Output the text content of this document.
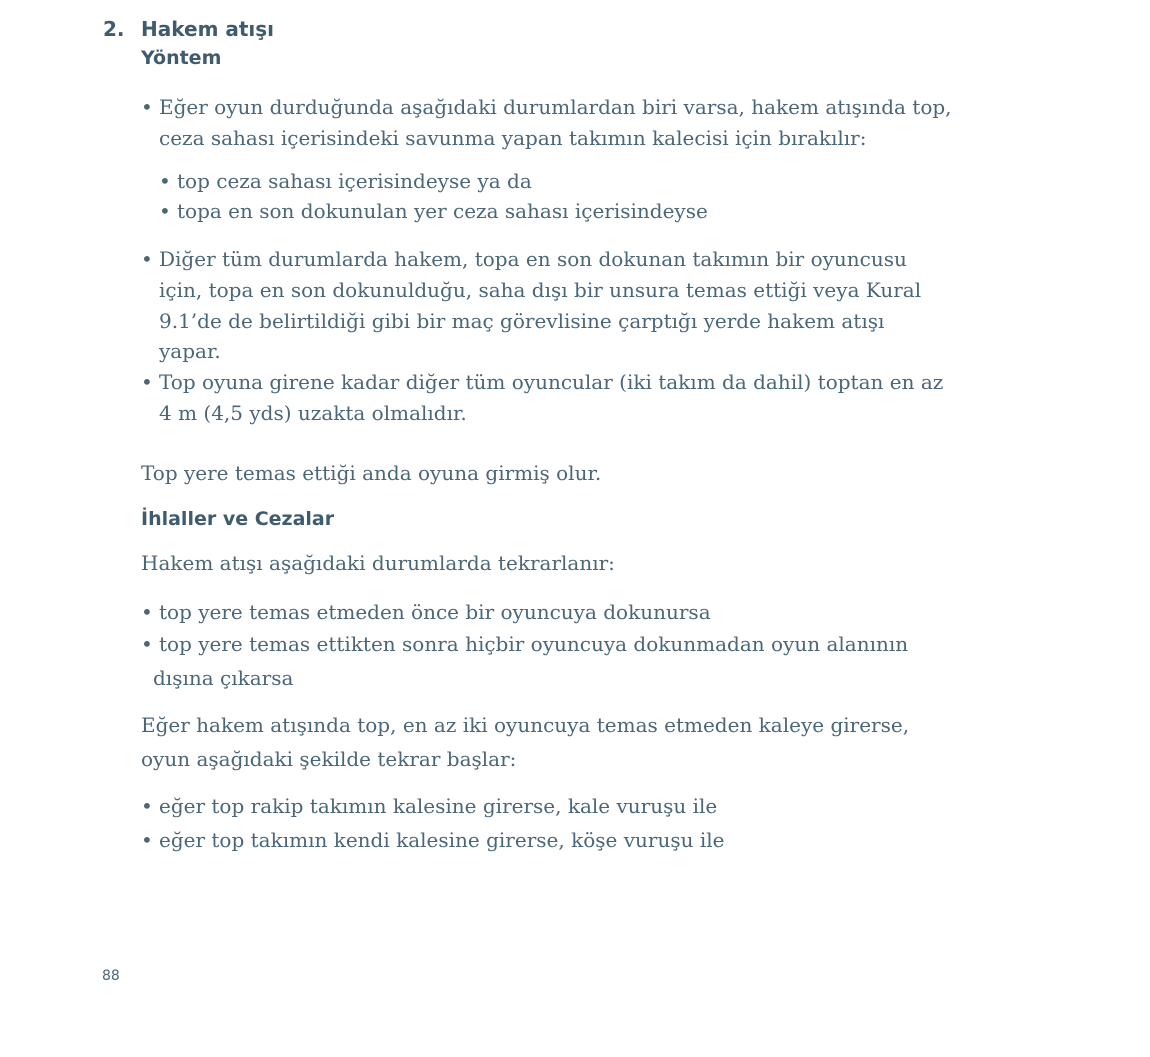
2. Hakem atışı
Yöntem
• Eğer oyun durduğunda aşağıdaki durumlardan biri varsa, hakem atışında top,
ceza sahası içerisindeki savunma yapan takımın kalecisi için bırakılır:
• top ceza sahası içerisindeyse ya da
• topa en son dokunulan yer ceza sahası içerisindeyse
• Diğer tüm durumlarda hakem, topa en son dokunan takımın bir oyuncusu
için, topa en son dokunulduğu, saha dışı bir unsura temas ettiği veya Kural
9.1’de de belirtildiği gibi bir maç görevlisine çarptığı yerde hakem atışı
yapar.
• Top oyuna girene kadar diğer tüm oyuncular (iki takım da dahil) toptan en az
4 m (4,5 yds) uzakta olmalıdır.
Top yere temas ettiği anda oyuna girmiş olur.
İhlaller ve Cezalar
Hakem atışı aşağıdaki durumlarda tekrarlanır:
• top yere temas etmeden önce bir oyuncuya dokunursa
• top yere temas ettikten sonra hiçbir oyuncuya dokunmadan oyun alanının
dışına çıkarsa
Eğer hakem atışında top, en az iki oyuncuya temas etmeden kaleye girerse,
oyun aşağıdaki şekilde tekrar başlar:
• eğer top rakip takımın kalesine girerse, kale vuruşu ile
• eğer top takımın kendi kalesine girerse, köşe vuruşu ile
88
